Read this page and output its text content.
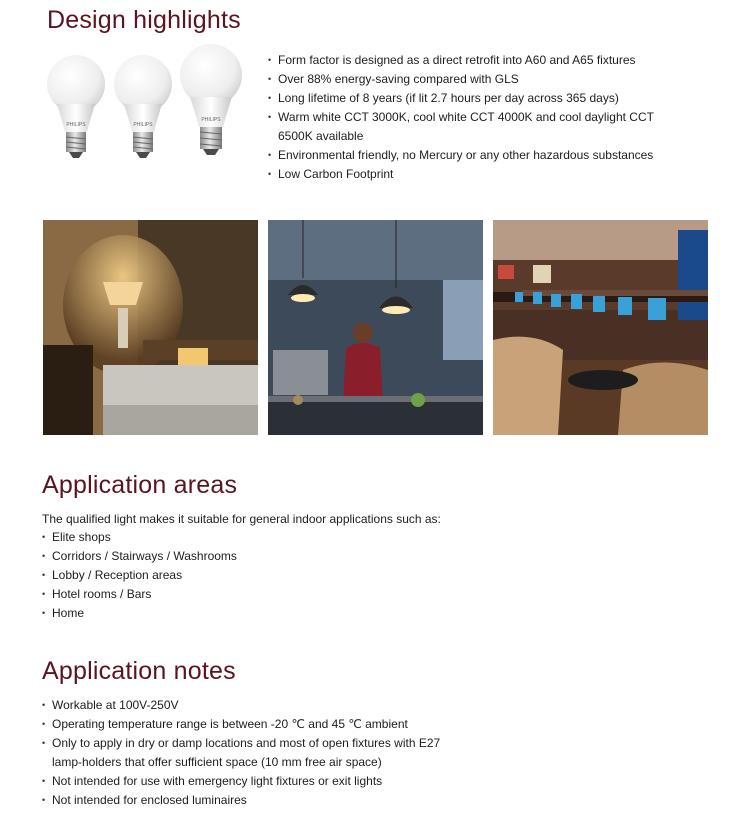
Design highlights
PHILIPS	PHILIPS
PHILIPS
• Form factor is designed as a direct retrofit into A60 and A65 fixtures
• Over 88% energy-saving compared with GLS
• Long lifetime of 8 years (if lit 2.7 hours per day across 365 days)
• Warm white CCT 3000K, cool white CCT 4000K and cool daylight CCT 6500K available
• Environmental friendly, no Mercury or any other hazardous substances
• Low Carbon Footprint
Application areas

The qualified light makes it suitable for general indoor applications such as:

• Elite shops
• Corridors / Stairways / Washrooms
• Lobby / Reception areas
• Hotel rooms / Bars
• Home
Application notes
• Workable at 100V-250V
• Operating temperature range is between -20 ℃ and 45 ℃ ambient
• Only to apply in dry or damp locations and most of open fixtures with E27 lamp-holders that offer sufficient space (10 mm free air space)
• Not intended for use with emergency light fixtures or exit lights
• Not intended for enclosed luminaires
